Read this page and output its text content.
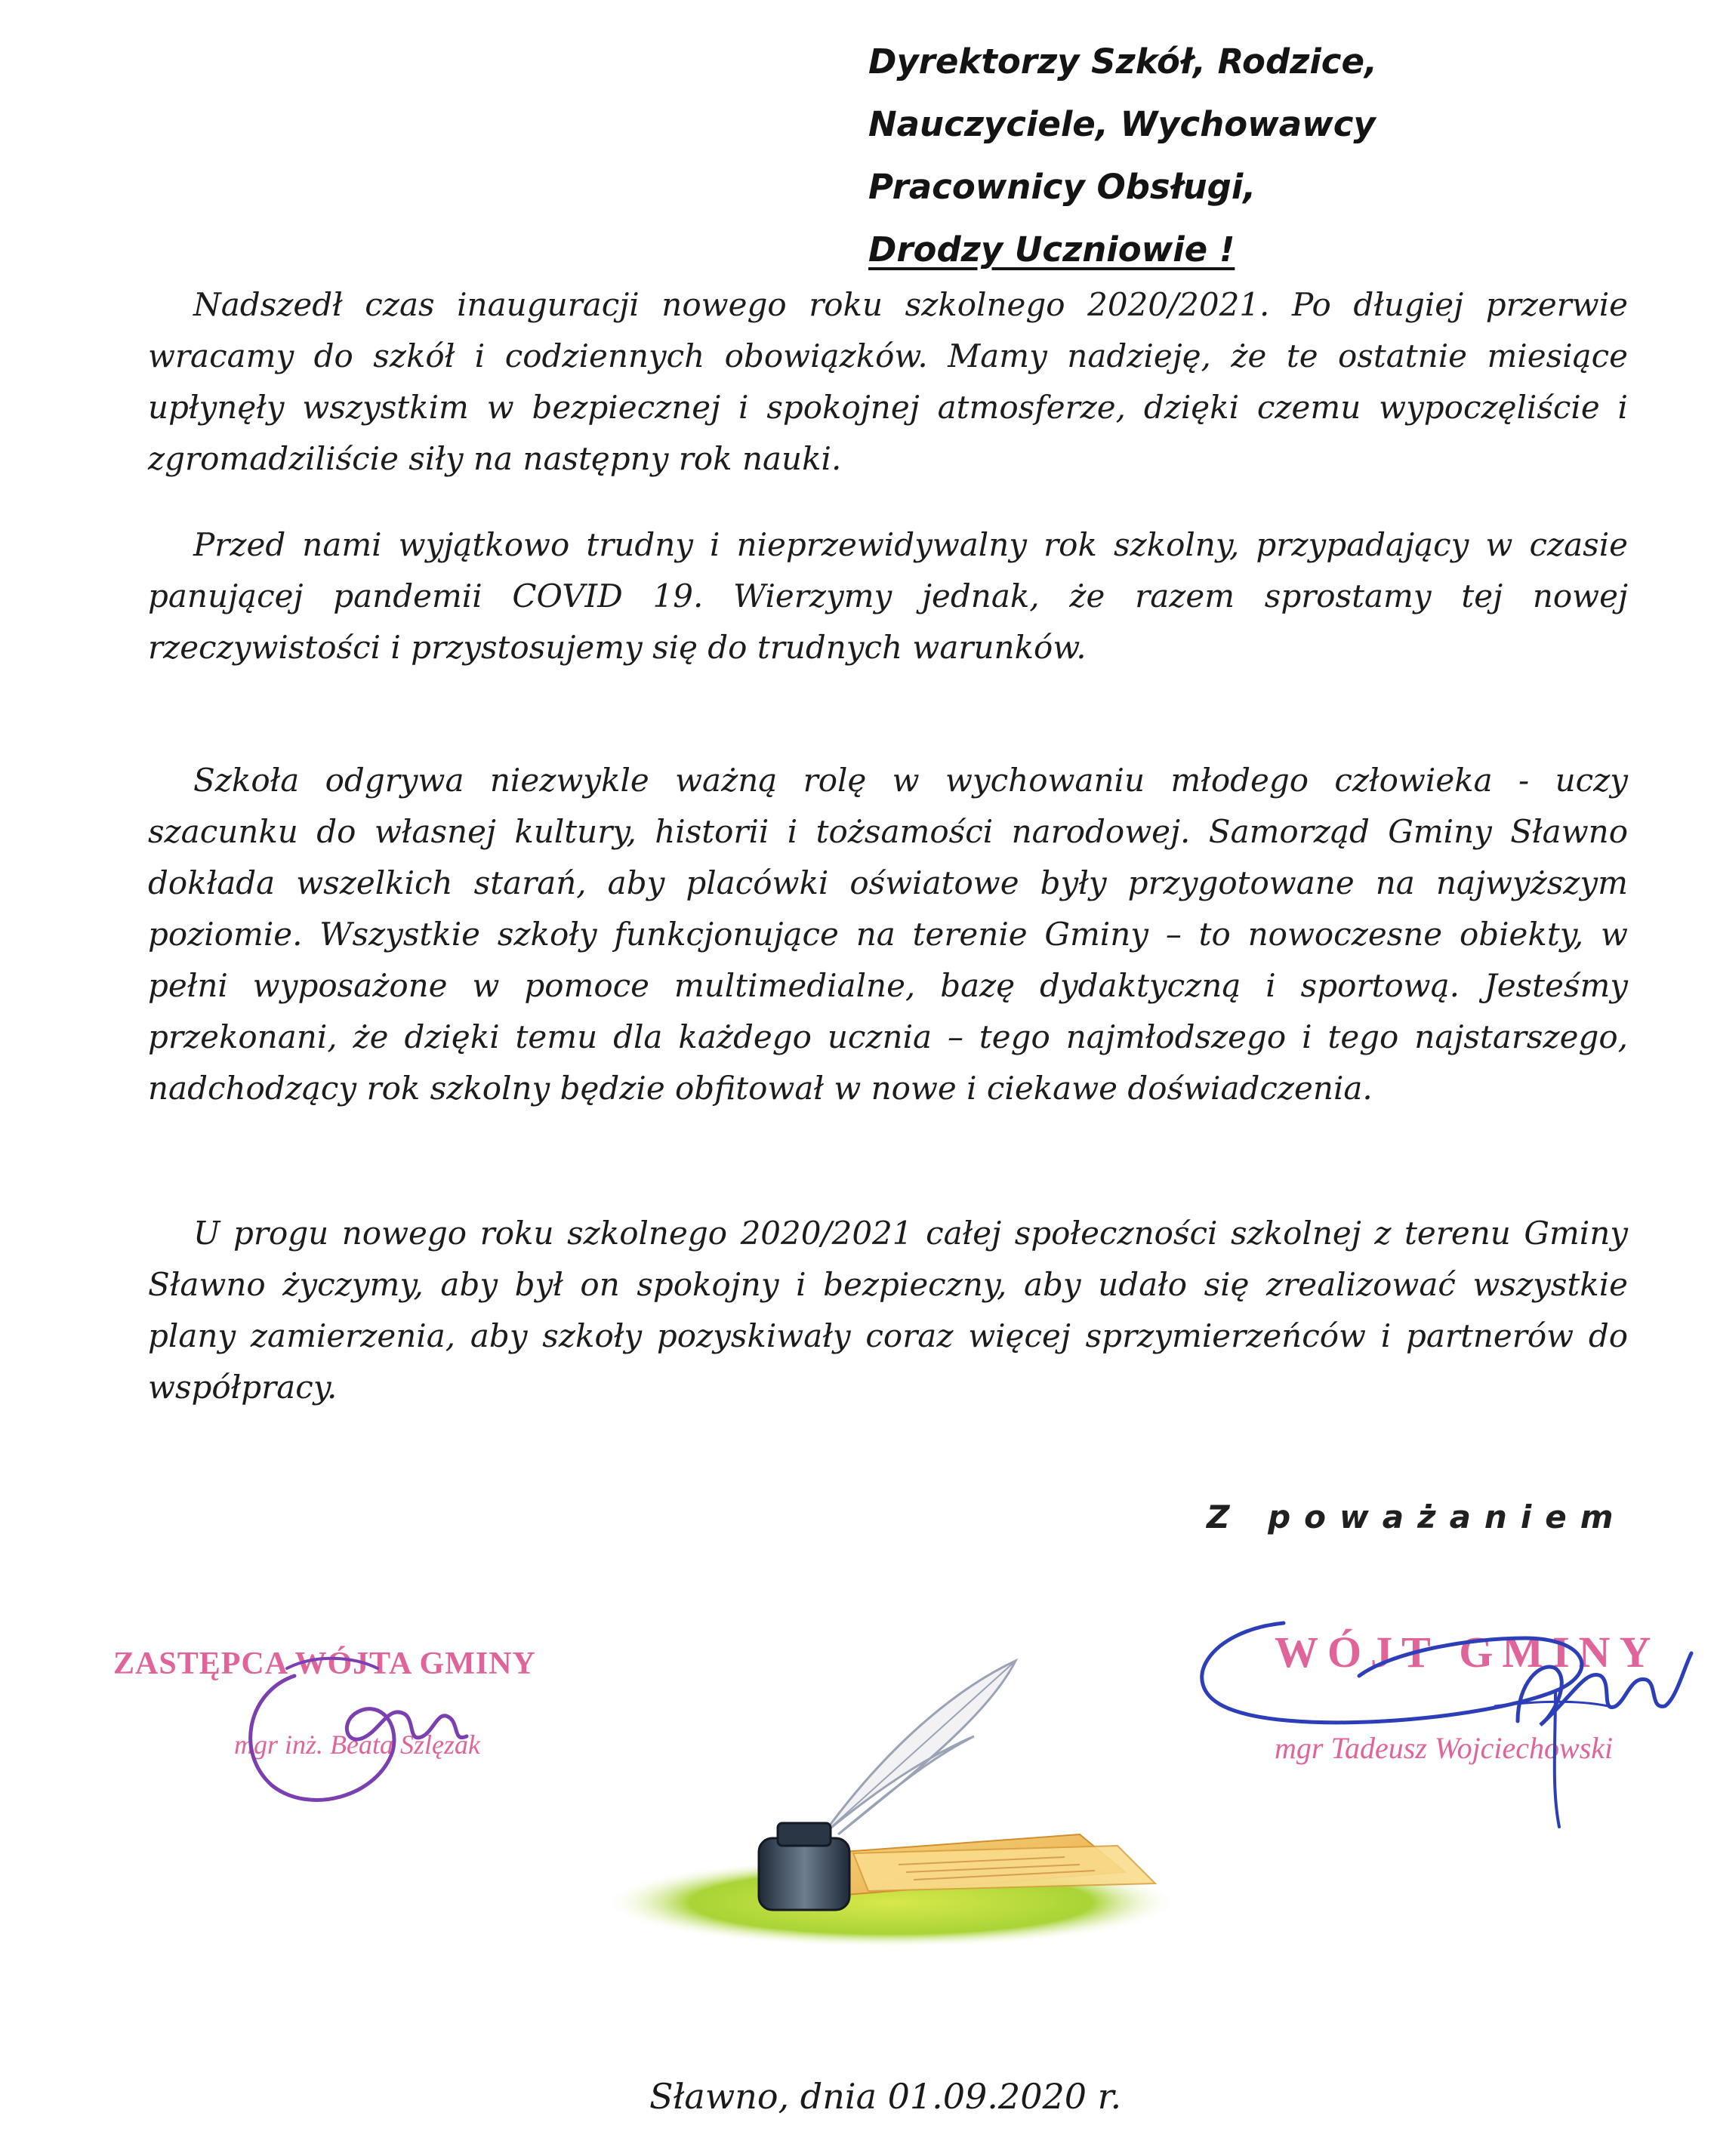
Dyrektorzy Szkół, Rodzice,
Nauczyciele, Wychowawcy
Pracownicy Obsługi,
Drodzy Uczniowie !

Nadszedł czas inauguracji nowego roku szkolnego 2020/2021. Po długiej przerwie wracamy do szkół i codziennych obowiązków. Mamy nadzieję, że te ostatnie miesiące upłynęły wszystkim w bezpiecznej i spokojnej atmosferze, dzięki czemu wypoczęliście i zgromadziliście siły na następny rok nauki.

Przed nami wyjątkowo trudny i nieprzewidywalny rok szkolny, przypadający w czasie panującej pandemii COVID 19. Wierzymy jednak, że razem sprostamy tej nowej rzeczywistości i przystosujemy się do trudnych warunków.

Szkoła odgrywa niezwykle ważną rolę w wychowaniu młodego człowieka - uczy szacunku do własnej kultury, historii i tożsamości narodowej. Samorząd Gminy Sławno dokłada wszelkich starań, aby placówki oświatowe były przygotowane na najwyższym poziomie. Wszystkie szkoły funkcjonujące na terenie Gminy – to nowoczesne obiekty, w pełni wyposażone w pomoce multimedialne, bazę dydaktyczną i sportową. Jesteśmy przekonani, że dzięki temu dla każdego ucznia – tego najmłodszego i tego najstarszego, nadchodzący rok szkolny będzie obfitował w nowe i ciekawe doświadczenia.

U progu nowego roku szkolnego 2020/2021 całej społeczności szkolnej z terenu Gminy Sławno życzymy, aby był on spokojny i bezpieczny, aby udało się zrealizować wszystkie plany zamierzenia, aby szkoły pozyskiwały coraz więcej sprzymierzeńców i partnerów do współpracy.

Z poważaniem
ZASTĘPCA WÓJTA GMINY
mgr inż. Beata Szlęzak
WÓJT GMINY
mgr Tadeusz Wojciechowski
Sławno, dnia 01.09.2020 r.
